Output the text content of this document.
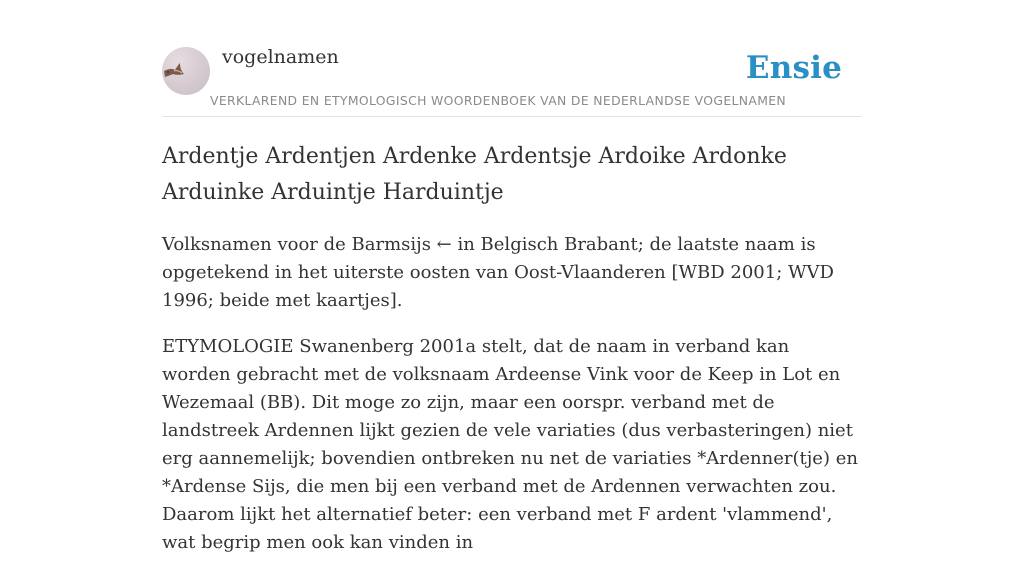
vogelnamen	Ensie
VERKLAREND EN ETYMOLOGISCH WOORDENBOEK VAN DE NEDERLANDSE VOGELNAMEN
Ardentje Ardentjen Ardenke Ardentsje Ardoike Ardonke Arduinke Arduintje Harduintje

Volksnamen voor de Barmsijs ← in Belgisch Brabant; de laatste naam is opgetekend in het uiterste oosten van Oost-Vlaanderen [WBD 2001; WVD 1996; beide met kaartjes].

ETYMOLOGIE Swanenberg 2001a stelt, dat de naam in verband kan worden gebracht met de volksnaam Ardeense Vink voor de Keep in Lot en Wezemaal (BB). Dit moge zo zijn, maar een oorspr. verband met de landstreek Ardennen lijkt gezien de vele variaties (dus verbasteringen) niet erg aannemelijk; bovendien ontbreken nu net de variaties *Ardenner(tje) en *Ardense Sijs, die men bij een verband met de Ardennen verwachten zou. Daarom lijkt het alternatief beter: een verband met F ardent 'vlammend', wat begrip men ook kan vinden in
